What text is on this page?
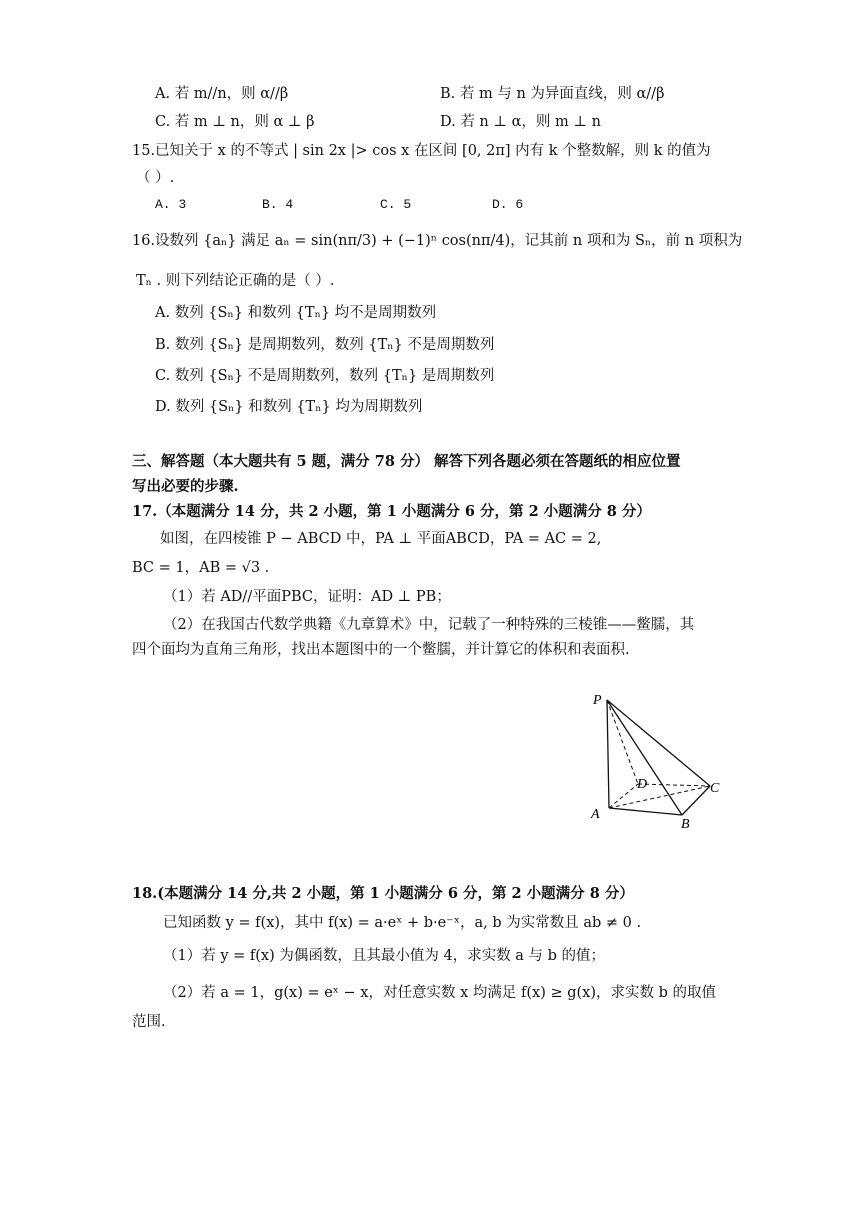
A. 若 m//n，则 α//β	B. 若 m 与 n 为异面直线，则 α//β
C. 若 m ⊥ n，则 α ⊥ β	D. 若 n ⊥ α，则 m ⊥ n
15.已知关于 x 的不等式 | sin 2x |> cos x 在区间 [0, 2π] 内有 k 个整数解，则 k 的值为
（ ）.
A. 3	B. 4	C. 5	D. 6
16.设数列 {aₙ} 满足 aₙ = sin(nπ/3) + (−1)ⁿ cos(nπ/4)，记其前 n 项和为 Sₙ，前 n 项积为
Tₙ . 则下列结论正确的是（ ）.
A. 数列 {Sₙ} 和数列 {Tₙ} 均不是周期数列
B. 数列 {Sₙ} 是周期数列，数列 {Tₙ} 不是周期数列
C. 数列 {Sₙ} 不是周期数列，数列 {Tₙ} 是周期数列
D. 数列 {Sₙ} 和数列 {Tₙ} 均为周期数列
三、解答题（本大题共有 5 题，满分 78 分） 解答下列各题必须在答题纸的相应位置
写出必要的步骤.
17.（本题满分 14 分，共 2 小题，第 1 小题满分 6 分，第 2 小题满分 8 分）
如图，在四棱锥 P − ABCD 中，PA ⊥ 平面ABCD，PA = AC = 2,
BC = 1，AB = √3 .
（1）若 AD//平面PBC，证明：AD ⊥ PB；
（2）在我国古代数学典籍《九章算术》中，记载了一种特殊的三棱锥——鳖臑，其
四个面均为直角三角形，找出本题图中的一个鳖臑，并计算它的体积和表面积.
P
A
B
C
D
18.(本题满分 14 分,共 2 小题，第 1 小题满分 6 分，第 2 小题满分 8 分）
已知函数 y = f(x)，其中 f(x) = a·eˣ + b·e⁻ˣ，a, b 为实常数且 ab ≠ 0 .
（1）若 y = f(x) 为偶函数，且其最小值为 4，求实数 a 与 b 的值；
（2）若 a = 1，g(x) = eˣ − x，对任意实数 x 均满足 f(x) ≥ g(x)，求实数 b 的取值
范围.
